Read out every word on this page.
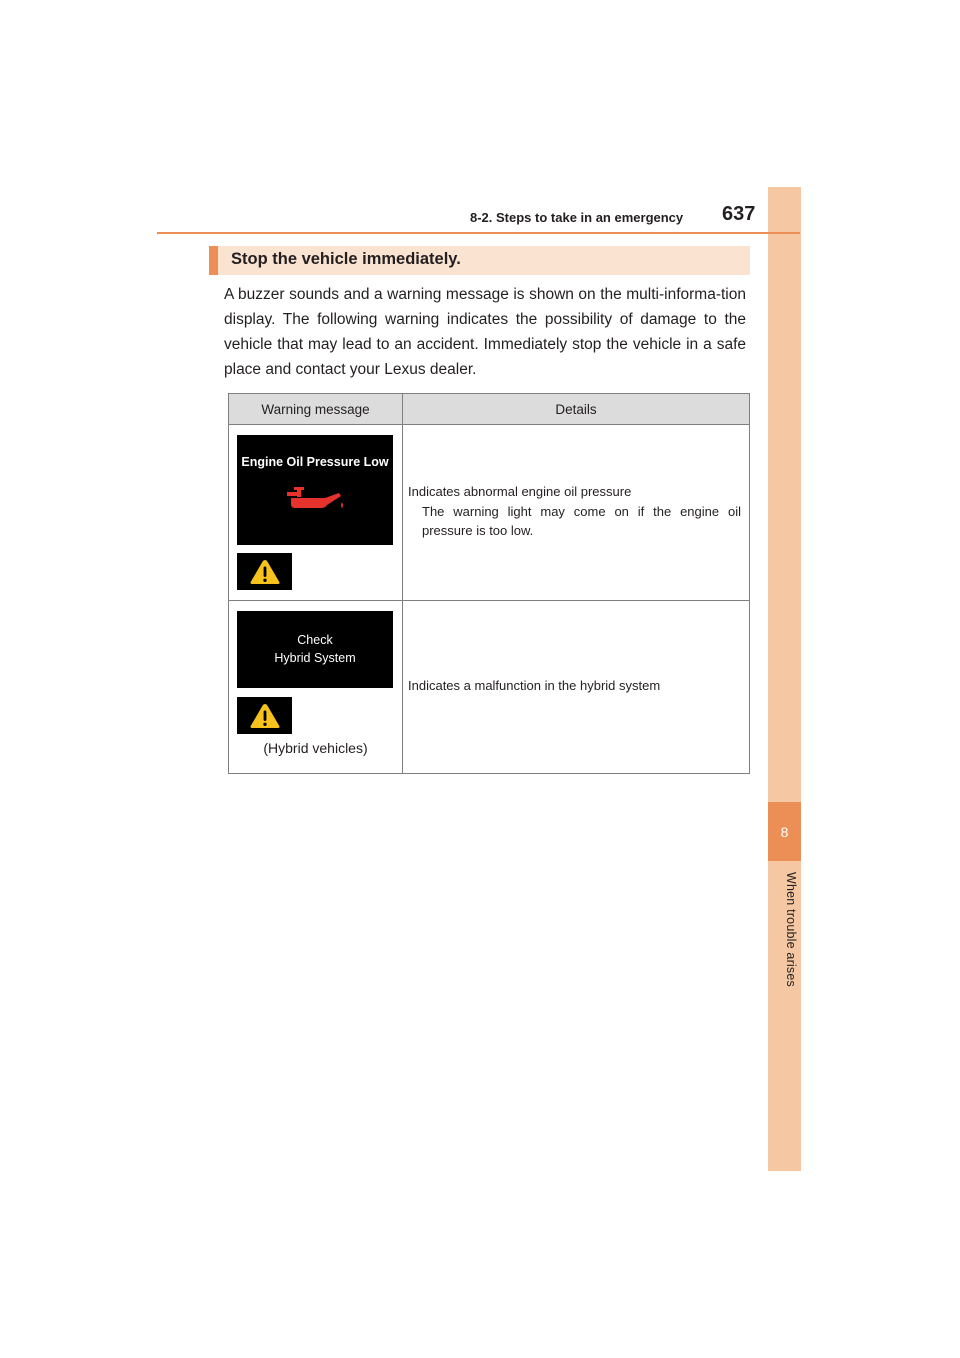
8
When trouble arises
8-2. Steps to take in an emergency 637
Stop the vehicle immediately.
A buzzer sounds and a warning message is shown on the multi-informa-tion display. The following warning indicates the possibility of damage to the vehicle that may lead to an accident. Immediately stop the vehicle in a safe place and contact your Lexus dealer.
Warning message	Details

Engine Oil Pressure Low	Indicates abnormal engine oil pressure
The warning light may come on if the engine oil pressure is too low.

Check
Hybrid System
(Hybrid vehicles)	Indicates a malfunction in the hybrid system
